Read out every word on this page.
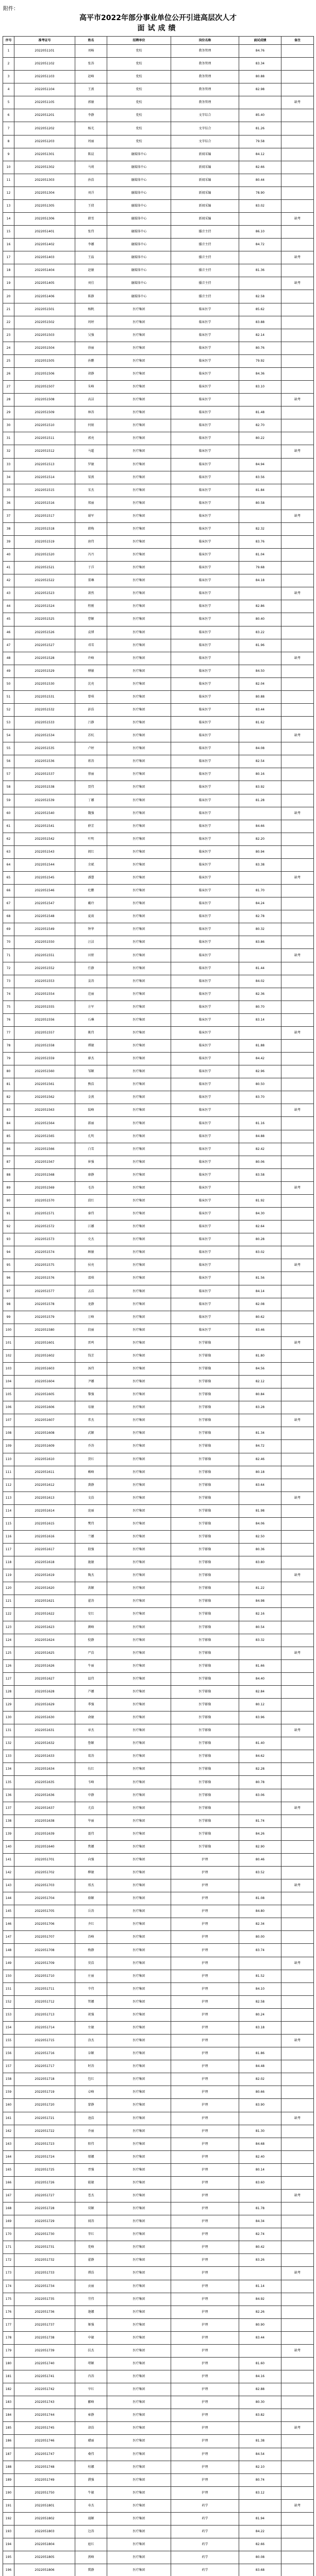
附件：
高平市2022年部分事业单位公开引进高层次人才
面试成绩
序号	准考证号	姓名	招聘单位	岗位名称	面试成绩	备注
1	2022051101	刘畅	党校	教务管理	84.76	
2	2022051102	张涛	党校	教务管理	83.34	
3	2022051103	赵峰	党校	教务管理	80.88	
4	2022051104	王燕	党校	教务管理	82.98	
5	2022051105	郭敏	党校	教务管理		缺考
6	2022051201	李静	党校	文字综合	85.40	
7	2022051202	杨光	党校	文字综合	81.26	
8	2022051203	周丽	党校	文字综合	79.58	
9	2022051301	陈晨	融媒体中心	新闻采编	84.12	
10	2022051302	马莉	融媒体中心	新闻采编	82.66	
11	2022051303	孙浩	融媒体中心	新闻采编	80.44	
12	2022051304	刘洋	融媒体中心	新闻采编	78.90	
13	2022051305	王倩	融媒体中心	新闻采编	83.02	
14	2022051306	韩雪	融媒体中心	新闻采编		缺考
15	2022051401	张伟	融媒体中心	播音主持	86.10	
16	2022051402	李娜	融媒体中心	播音主持	84.72	
17	2022051403	王磊	融媒体中心	播音主持		缺考
18	2022051404	赵敏	融媒体中心	播音主持	81.36	
19	2022051405	刘佳	融媒体中心	播音主持		缺考
20	2022051406	陈静	融媒体中心	播音主持	82.58	
21	2022051501	杨帆	医疗集团	临床医学	85.62	
22	2022051502	周婷	医疗集团	临床医学	83.88	
23	2022051503	吴强	医疗集团	临床医学	82.14	
24	2022051504	徐丽	医疗集团	临床医学	80.76	
25	2022051505	孙鹏	医疗集团	临床医学	79.92	
26	2022051506	胡静	医疗集团	临床医学	84.36	
27	2022051507	朱峰	医疗集团	临床医学	83.10	
28	2022051508	高洁	医疗集团	临床医学		缺考
29	2022051509	林涛	医疗集团	临床医学	81.48	
30	2022051510	何娟	医疗集团	临床医学	82.70	
31	2022051511	郭亮	医疗集团	临床医学	80.22	
32	2022051512	马超	医疗集团	临床医学		缺考
33	2022051513	罗敏	医疗集团	临床医学	84.94	
34	2022051514	梁燕	医疗集团	临床医学	83.56	
35	2022051515	宋杰	医疗集团	临床医学	81.84	
36	2022051516	郑丽	医疗集团	临床医学	80.58	
37	2022051517	谢军	医疗集团	临床医学		缺考
38	2022051518	韩梅	医疗集团	临床医学	82.32	
39	2022051519	唐伟	医疗集团	临床医学	83.76	
40	2022051520	冯丹	医疗集团	临床医学	81.04	
41	2022051521	于洋	医疗集团	临床医学	79.68	
42	2022051522	董琳	医疗集团	临床医学	84.18	
43	2022051523	萧然	医疗集团	临床医学		缺考
44	2022051524	程刚	医疗集团	临床医学	82.86	
45	2022051525	曹颖	医疗集团	临床医学	80.40	
46	2022051526	袁博	医疗集团	临床医学	83.22	
47	2022051527	邓雪	医疗集团	临床医学	81.96	
48	2022051528	许峰	医疗集团	临床医学		缺考
49	2022051529	傅敏	医疗集团	临床医学	84.50	
50	2022051530	沈亮	医疗集团	临床医学	82.04	
51	2022051531	曾琪	医疗集团	临床医学	80.88	
52	2022051532	彭浩	医疗集团	临床医学	83.44	
53	2022051533	吕静	医疗集团	临床医学	81.62	
54	2022051534	苏杭	医疗集团	临床医学		缺考
55	2022051535	卢婷	医疗集团	临床医学	84.08	
56	2022051536	蒋涛	医疗集团	临床医学	82.54	
57	2022051537	蔡丽	医疗集团	临床医学	80.16	
58	2022051538	贾伟	医疗集团	临床医学	83.92	
59	2022051539	丁娜	医疗集团	临床医学	81.28	
60	2022051540	魏强	医疗集团	临床医学		缺考
61	2022051541	薛芳	医疗集团	临床医学	84.66	
62	2022051542	叶明	医疗集团	临床医学	82.20	
63	2022051543	阎红	医疗集团	临床医学	80.94	
64	2022051544	余斌	医疗集团	临床医学	83.38	
65	2022051545	潘慧	医疗集团	临床医学		缺考
66	2022051546	杜鹏	医疗集团	临床医学	81.70	
67	2022051547	戴玲	医疗集团	临床医学	84.24	
68	2022051548	夏雨	医疗集团	临床医学	82.78	
69	2022051549	钟华	医疗集团	临床医学	80.32	
70	2022051550	汪洁	医疗集团	临床医学	83.86	
71	2022051551	田野	医疗集团	临床医学		缺考
72	2022051552	任静	医疗集团	临床医学	81.44	
73	2022051553	姜涛	医疗集团	临床医学	84.02	
74	2022051554	范丽	医疗集团	临床医学	82.36	
75	2022051555	方军	医疗集团	临床医学	80.70	
76	2022051556	石琳	医疗集团	临床医学	83.14	
77	2022051557	姚伟	医疗集团	临床医学		缺考
78	2022051558	谭敏	医疗集团	临床医学	81.88	
79	2022051559	廖杰	医疗集团	临床医学	84.42	
80	2022051560	邹颖	医疗集团	临床医学	82.96	
81	2022051561	熊浩	医疗集团	临床医学	80.50	
82	2022051562	金燕	医疗集团	临床医学	83.70	
83	2022051563	陆峰	医疗集团	临床医学		缺考
84	2022051564	郝丽	医疗集团	临床医学	81.16	
85	2022051565	孔明	医疗集团	临床医学	84.88	
86	2022051566	白雪	医疗集团	临床医学	82.42	
87	2022051567	崔强	医疗集团	临床医学	80.06	
88	2022051568	康静	医疗集团	临床医学	83.58	
89	2022051569	毛涛	医疗集团	临床医学		缺考
90	2022051570	邱红	医疗集团	临床医学	81.92	
91	2022051571	秦伟	医疗集团	临床医学	84.30	
92	2022051572	江娜	医疗集团	临床医学	82.64	
93	2022051573	史杰	医疗集团	临床医学	80.28	
94	2022051574	顾敏	医疗集团	临床医学	83.02	
95	2022051575	侯亮	医疗集团	临床医学		缺考
96	2022051576	邵琪	医疗集团	临床医学	81.56	
97	2022051577	孟浩	医疗集团	临床医学	84.14	
98	2022051578	龙静	医疗集团	临床医学	82.08	
99	2022051579	万峰	医疗集团	临床医学	80.62	
100	2022051580	段丽	医疗集团	临床医学	83.46	
101	2022051601	雷鸣	医疗集团	医学影像		缺考
102	2022051602	钱芳	医疗集团	医学影像	81.80	
103	2022051603	汤伟	医疗集团	医学影像	84.56	
104	2022051604	尹娜	医疗集团	医学影像	82.12	
105	2022051605	黎强	医疗集团	医学影像	80.84	
106	2022051606	易敏	医疗集团	医学影像	83.28	
107	2022051607	常杰	医疗集团	医学影像		缺考
108	2022051608	武颖	医疗集团	医学影像	81.34	
109	2022051609	乔涛	医疗集团	医学影像	84.72	
110	2022051610	贺红	医疗集团	医学影像	82.46	
111	2022051611	赖峰	医疗集团	医学影像	80.18	
112	2022051612	龚静	医疗集团	医学影像	83.64	
113	2022051613	文浩	医疗集团	医学影像		缺考
114	2022051614	庞丽	医疗集团	医学影像	81.98	
115	2022051615	樊伟	医疗集团	医学影像	84.06	
116	2022051616	兰娜	医疗集团	医学影像	82.50	
117	2022051617	殷强	医疗集团	医学影像	80.36	
118	2022051618	施敏	医疗集团	医学影像	83.80	
119	2022051619	陶杰	医疗集团	医学影像		缺考
120	2022051620	洪颖	医疗集团	医学影像	81.22	
121	2022051621	翟涛	医疗集团	医学影像	84.98	
122	2022051622	安红	医疗集团	医学影像	82.16	
123	2022051623	颜峰	医疗集团	医学影像	80.54	
124	2022051624	倪静	医疗集团	医学影像	83.32	
125	2022051625	严浩	医疗集团	医学影像		缺考
126	2022051626	牛丽	医疗集团	医学影像	81.66	
127	2022051627	温伟	医疗集团	医学影像	84.40	
128	2022051628	芦娜	医疗集团	医学影像	82.84	
129	2022051629	季强	医疗集团	医学影像	80.12	
130	2022051630	俞敏	医疗集团	医学影像	83.96	
131	2022051631	章杰	医疗集团	医学影像		缺考
132	2022051632	鲁颖	医疗集团	医学影像	81.40	
133	2022051633	葛涛	医疗集团	医学影像	84.62	
134	2022051634	伍红	医疗集团	医学影像	82.28	
135	2022051635	韦峰	医疗集团	医学影像	80.78	
136	2022051636	申静	医疗集团	医学影像	83.06	
137	2022051637	尤浩	医疗集团	医学影像		缺考
138	2022051638	毕丽	医疗集团	医学影像	81.74	
139	2022051639	聂伟	医疗集团	医学影像	84.26	
140	2022051640	焦娜	医疗集团	医学影像	82.90	
141	2022051701	向强	医疗集团	护理	80.46	
142	2022051702	柳敏	医疗集团	护理	83.52	
143	2022051703	邢杰	医疗集团	护理		缺考
144	2022051704	骆颖	医疗集团	护理	81.08	
145	2022051705	岳涛	医疗集团	护理	84.80	
146	2022051706	齐红	医疗集团	护理	82.34	
147	2022051707	沿峰	医疗集团	护理	80.00	
148	2022051708	梅静	医疗集团	护理	83.74	
149	2022051709	莫浩	医疗集团	护理		缺考
150	2022051710	庄丽	医疗集团	护理	81.52	
151	2022051711	辛伟	医疗集团	护理	84.10	
152	2022051712	管娜	医疗集团	护理	82.58	
153	2022051713	祝强	医疗集团	护理	80.24	
154	2022051714	左敏	医疗集团	护理	83.18	
155	2022051715	涂杰	医疗集团	护理		缺考
156	2022051716	谷颖	医疗集团	护理	81.86	
157	2022051717	时涛	医疗集团	护理	84.48	
158	2022051718	包红	医疗集团	护理	82.02	
159	2022051719	卓峰	医疗集团	护理	80.66	
160	2022051720	蒙静	医疗集团	护理	83.90	
161	2022051721	池浩	医疗集团	护理		缺考
162	2022051722	乔丽	医疗集团	护理	81.30	
163	2022051723	阳伟	医疗集团	护理	84.68	
164	2022051724	郁娜	医疗集团	护理	82.40	
165	2022051725	胥强	医疗集团	护理	80.14	
166	2022051726	能敏	医疗集团	护理	83.60	
167	2022051727	苍杰	医疗集团	护理		缺考
168	2022051728	双颖	医疗集团	护理	81.78	
169	2022051729	闻涛	医疗集团	护理	84.34	
170	2022051730	莘红	医疗集团	护理	82.74	
171	2022051731	党峰	医疗集团	护理	80.42	
172	2022051732	翟静	医疗集团	护理	83.26	
173	2022051733	谭浩	医疗集团	护理		缺考
174	2022051734	贡丽	医疗集团	护理	81.14	
175	2022051735	劳伟	医疗集团	护理	84.92	
176	2022051736	逄娜	医疗集团	护理	82.26	
177	2022051737	姬强	医疗集团	护理	80.90	
178	2022051738	申敏	医疗集团	护理	83.44	
179	2022051739	扶杰	医疗集团	护理		缺考
180	2022051740	堵颖	医疗集团	护理	81.60	
181	2022051741	冉涛	医疗集团	护理	84.16	
182	2022051742	宰红	医疗集团	护理	82.88	
183	2022051743	郦峰	医疗集团	护理	80.30	
184	2022051744	雍静	医疗集团	护理	83.82	
185	2022051745	却浩	医疗集团	护理		缺考
186	2022051746	璩丽	医疗集团	护理	81.38	
187	2022051747	桑伟	医疗集团	护理	84.54	
188	2022051748	桂娜	医疗集团	护理	82.10	
189	2022051749	濮强	医疗集团	护理	80.74	
190	2022051750	牛敏	医疗集团	护理	83.12	
191	2022051801	寿杰	医疗集团	药学		缺考
192	2022051802	通颖	医疗集团	药学	81.94	
193	2022051803	边涛	医疗集团	药学	84.22	
194	2022051804	扈红	医疗集团	药学	82.66	
195	2022051805	燕峰	医疗集团	药学	80.08	
196	2022051806	冀静	医疗集团	药学	83.68	
